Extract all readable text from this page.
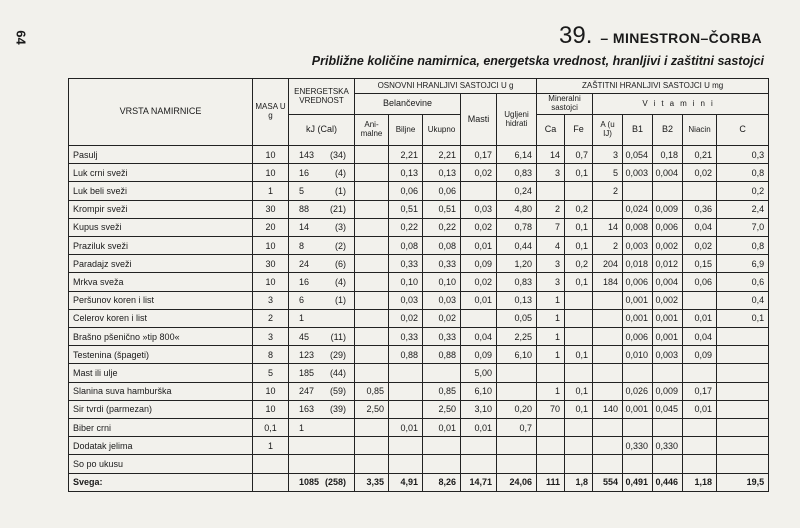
64	39. – MINESTRON–ČORBA
Približne količine namirnica, energetska vrednost, hranljivi i zaštitni sastojci
VRSTA NAMIRNICE	MASA U g	ENERGETSKA VREDNOST	OSNOVNI HRANLJIVI SASTOJCI U g					ZAŠTITNI HRANLJIVI SASTOJCI U mg						
			Belančevine			Masti	Ugljeni hidrati	Mineralni sastojci		Vitamini				
		kJ (Cal)	Ani-malne	Biljne	Ukupno			Ca	Fe	A (u IJ)	B1	B2	Niacin	C
Pasulj	10	143 (34)		2,21	2,21	0,17	6,14	14	0,7	3	0,054	0,18	0,21	0,3
Luk crni sveži	10	16 (4)		0,13	0,13	0,02	0,83	3	0,1	5	0,003	0,004	0,02	0,8
Luk beli sveži	1	5 (1)		0,06	0,06		0,24			2				0,2
Krompir sveži	30	88 (21)		0,51	0,51	0,03	4,80	2	0,2		0,024	0,009	0,36	2,4
Kupus sveži	20	14 (3)		0,22	0,22	0,02	0,78	7	0,1	14	0,008	0,006	0,04	7,0
Praziluk sveži	10	8 (2)		0,08	0,08	0,01	0,44	4	0,1	2	0,003	0,002	0,02	0,8
Paradajz sveži	30	24 (6)		0,33	0,33	0,09	1,20	3	0,2	204	0,018	0,012	0,15	6,9
Mrkva sveža	10	16 (4)		0,10	0,10	0,02	0,83	3	0,1	184	0,006	0,004	0,06	0,6
Peršunov koren i list	3	6 (1)		0,03	0,03	0,01	0,13	1			0,001	0,002		0,4
Celerov koren i list	2	1		0,02	0,02		0,05	1			0,001	0,001	0,01	0,1
Brašno pšenično »tip 800«	3	45 (11)		0,33	0,33	0,04	2,25	1			0,006	0,001	0,04	
Testenina (špageti)	8	123 (29)		0,88	0,88	0,09	6,10	1	0,1		0,010	0,003	0,09	
Mast ili ulje	5	185 (44)				5,00								
Slanina suva hamburška	10	247 (59)	0,85		0,85	6,10		1	0,1		0,026	0,009	0,17	
Sir tvrdi (parmezan)	10	163 (39)	2,50		2,50	3,10	0,20	70	0,1	140	0,001	0,045	0,01	
Biber crni	0,1	1		0,01	0,01	0,01	0,7							
Dodatak jelima	1										0,330	0,330		
So po ukusu		

Svega:		1085 (258)	3,35	4,91	8,26	14,71	24,06	111	1,8	554	0,491	0,446	1,18	19,5
